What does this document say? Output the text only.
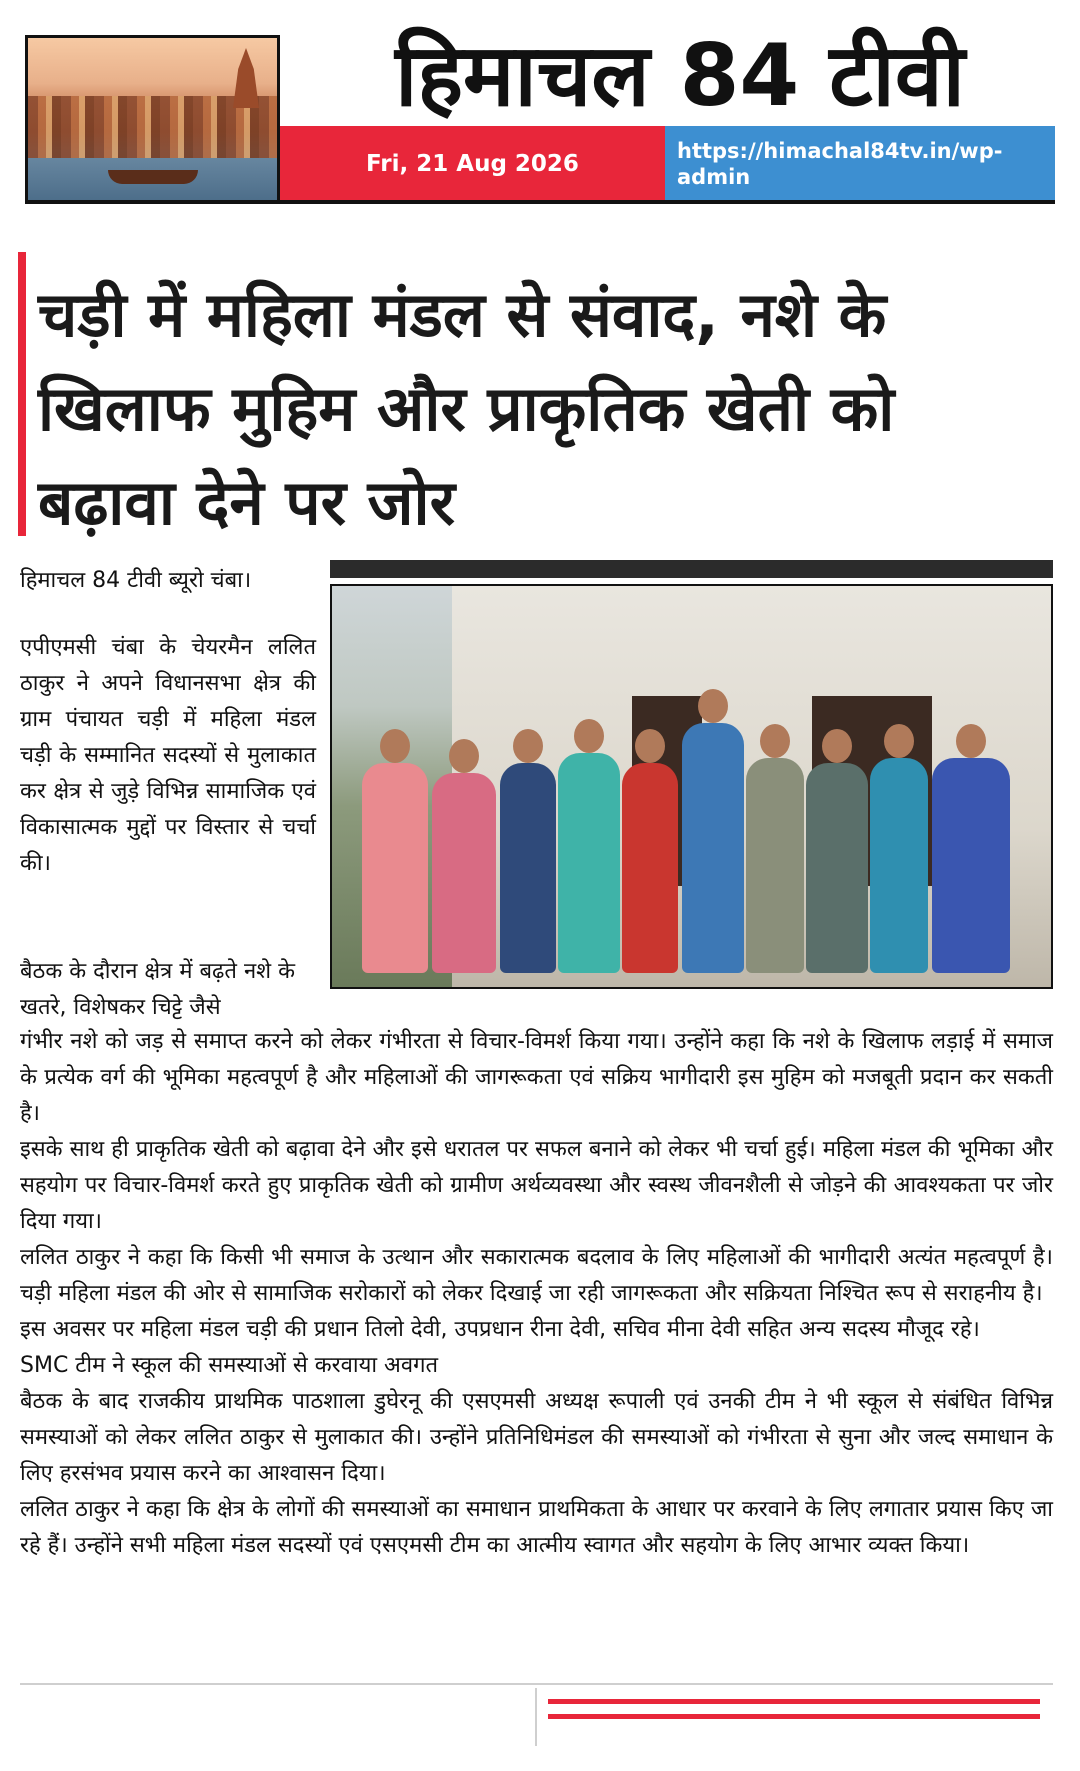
हिमाचल 84 टीवी
Fri, 21 Aug 2026	https://himachal84tv.in/wp-admin
चड़ी में महिला मंडल से संवाद, नशे के खिलाफ मुहिम और प्राकृतिक खेती को बढ़ावा देने पर जोर
हिमाचल 84 टीवी ब्यूरो चंबा।

एपीएमसी चंबा के चेयरमैन ललित ठाकुर ने अपने विधानसभा क्षेत्र की ग्राम पंचायत चड़ी में महिला मंडल चड़ी के सम्मानित सदस्यों से मुलाकात कर क्षेत्र से जुड़े विभिन्न सामाजिक एवं विकासात्मक मुद्दों पर विस्तार से चर्चा की।

बैठक के दौरान क्षेत्र में बढ़ते नशे के खतरे, विशेषकर चिट्टे जैसे

गंभीर नशे को जड़ से समाप्त करने को लेकर गंभीरता से विचार-विमर्श किया गया। उन्होंने कहा कि नशे के खिलाफ लड़ाई में समाज के प्रत्येक वर्ग की भूमिका महत्वपूर्ण है और महिलाओं की जागरूकता एवं सक्रिय भागीदारी इस मुहिम को मजबूती प्रदान कर सकती है।

इसके साथ ही प्राकृतिक खेती को बढ़ावा देने और इसे धरातल पर सफल बनाने को लेकर भी चर्चा हुई। महिला मंडल की भूमिका और सहयोग पर विचार-विमर्श करते हुए प्राकृतिक खेती को ग्रामीण अर्थव्यवस्था और स्वस्थ जीवनशैली से जोड़ने की आवश्यकता पर जोर दिया गया।

ललित ठाकुर ने कहा कि किसी भी समाज के उत्थान और सकारात्मक बदलाव के लिए महिलाओं की भागीदारी अत्यंत महत्वपूर्ण है। चड़ी महिला मंडल की ओर से सामाजिक सरोकारों को लेकर दिखाई जा रही जागरूकता और सक्रियता निश्चित रूप से सराहनीय है।

इस अवसर पर महिला मंडल चड़ी की प्रधान तिलो देवी, उपप्रधान रीना देवी, सचिव मीना देवी सहित अन्य सदस्य मौजूद रहे।

SMC टीम ने स्कूल की समस्याओं से करवाया अवगत

बैठक के बाद राजकीय प्राथमिक पाठशाला डुघेरनू की एसएमसी अध्यक्ष रूपाली एवं उनकी टीम ने भी स्कूल से संबंधित विभिन्न समस्याओं को लेकर ललित ठाकुर से मुलाकात की। उन्होंने प्रतिनिधिमंडल की समस्याओं को गंभीरता से सुना और जल्द समाधान के लिए हरसंभव प्रयास करने का आश्वासन दिया।

ललित ठाकुर ने कहा कि क्षेत्र के लोगों की समस्याओं का समाधान प्राथमिकता के आधार पर करवाने के लिए लगातार प्रयास किए जा रहे हैं। उन्होंने सभी महिला मंडल सदस्यों एवं एसएमसी टीम का आत्मीय स्वागत और सहयोग के लिए आभार व्यक्त किया।
